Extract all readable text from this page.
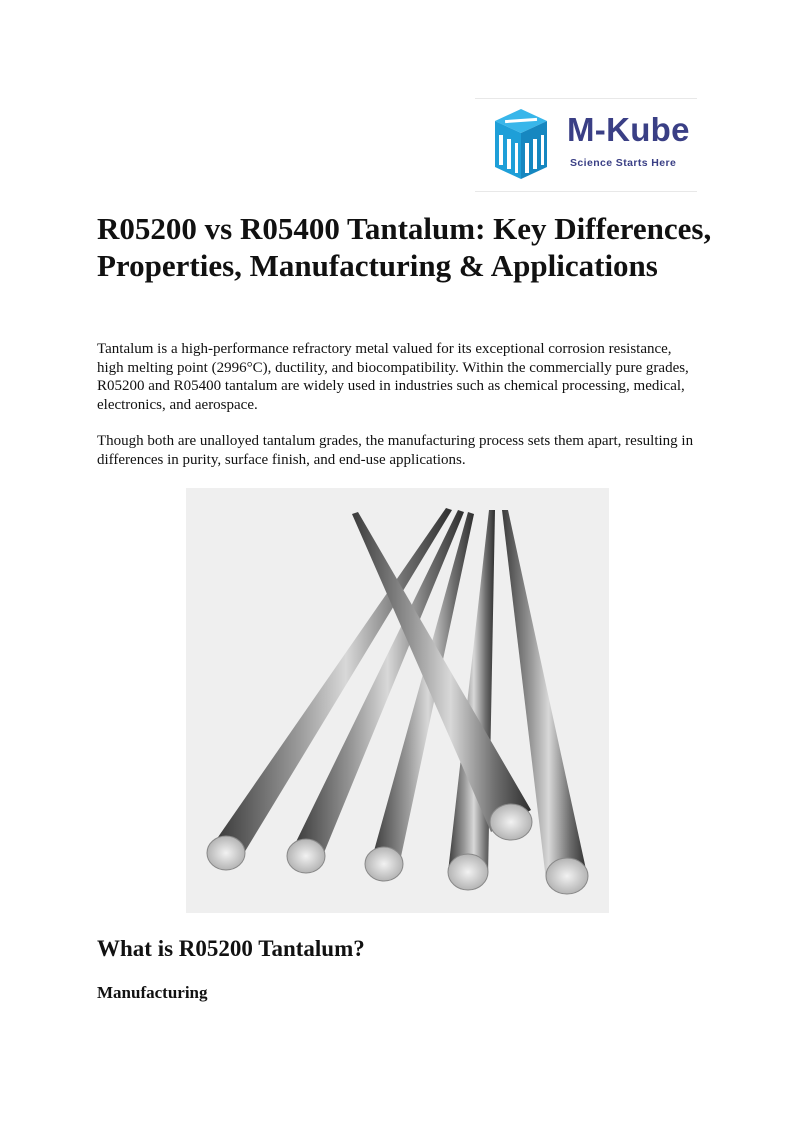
M-Kube
Science Starts Here
R05200 vs R05400 Tantalum: Key Differences, Properties, Manufacturing & Applications

Tantalum is a high-performance refractory metal valued for its exceptional corrosion resistance, high melting point (2996°C), ductility, and biocompatibility. Within the commercially pure grades, R05200 and R05400 tantalum are widely used in industries such as chemical processing, medical, electronics, and aerospace.

Though both are unalloyed tantalum grades, the manufacturing process sets them apart, resulting in differences in purity, surface finish, and end-use applications.

What is R05200 Tantalum?
Manufacturing
